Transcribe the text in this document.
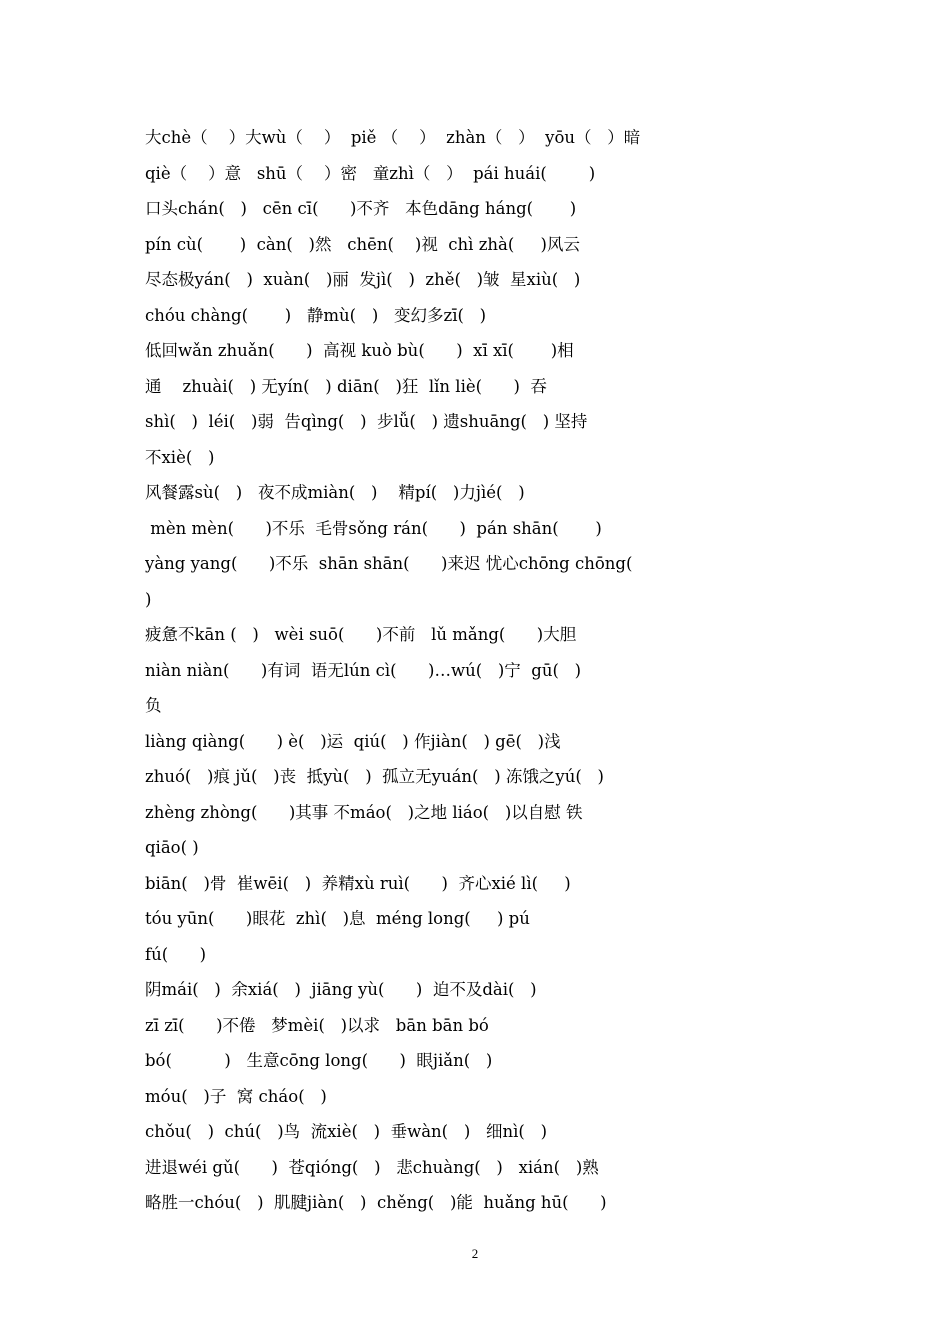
大chè（    ）大wù（    ）  piě （    ）  zhàn（   ）  yōu（   ）暗
qiè（    ）意   shū（    ）密   童zhì（   ）  pái huái(        )
口头chán(   )   cēn cī(      )不齐   本色dāng háng(       )
pín cù(       )  càn(   )然   chēn(    )视  chì zhà(     )风云
尽态极yán(   )  xuàn(   )丽  发jì(   )  zhě(   )皱  星xiù(   )
chóu chàng(       )   静mù(   )   变幻多zī(   )
低回wǎn zhuǎn(      )  高视 kuò bù(      )  xī xī(       )相
通    zhuài(   ) 无yín(   ) diān(   )狂  lǐn liè(      )  吞
shì(   )  léi(   )弱  告qìng(   )  步lǚ(   ) 遗shuāng(   ) 坚持
不xiè(   )
风餐露sù(   )   夜不成miàn(   )    精pí(   )力jìé(   )
mèn mèn(      )不乐  毛骨sǒng rán(      )  pán shān(       )
yàng yang(      )不乐  shān shān(      )来迟 忧心chōng chōng(
)
疲惫不kān (   )   wèi suō(      )不前   lǔ mǎng(      )大胆
niàn niàn(      )有词  语无lún cì(      )…wú(   )宁  gū(   )
负
liàng qiàng(      ) è(   )运  qiú(   ) 作jiàn(   ) gē(   )浅
zhuó(   )痕 jǔ(   )丧  抵yù(   )  孤立无yuán(   ) 冻饿之yú(   )
zhèng zhòng(      )其事 不máo(   )之地 liáo(   )以自慰 铁
qiāo( )
biān(   )骨  崔wēi(   )  养精xù ruì(      )  齐心xié lì(     )
tóu yūn(      )眼花  zhì(   )息  méng long(     ) pú
fú(      )
阴mái(   )  余xiá(   )  jiāng yù(      )  迫不及dài(   )
zī zī(      )不倦   梦mèi(   )以求   bān bān bó
bó(          )   生意cōng long(      )  眼jiǎn(   )
móu(   )子  窝 cháo(   )
chǒu(   )  chú(   )鸟  流xiè(   )  垂wàn(   )   细nì(   )
进退wéi gǔ(      )  苍qióng(   )   悲chuàng(   )   xián(   )熟
略胜一chóu(   )  肌腱jiàn(   )  chěng(   )能  huǎng hū(      )
2
